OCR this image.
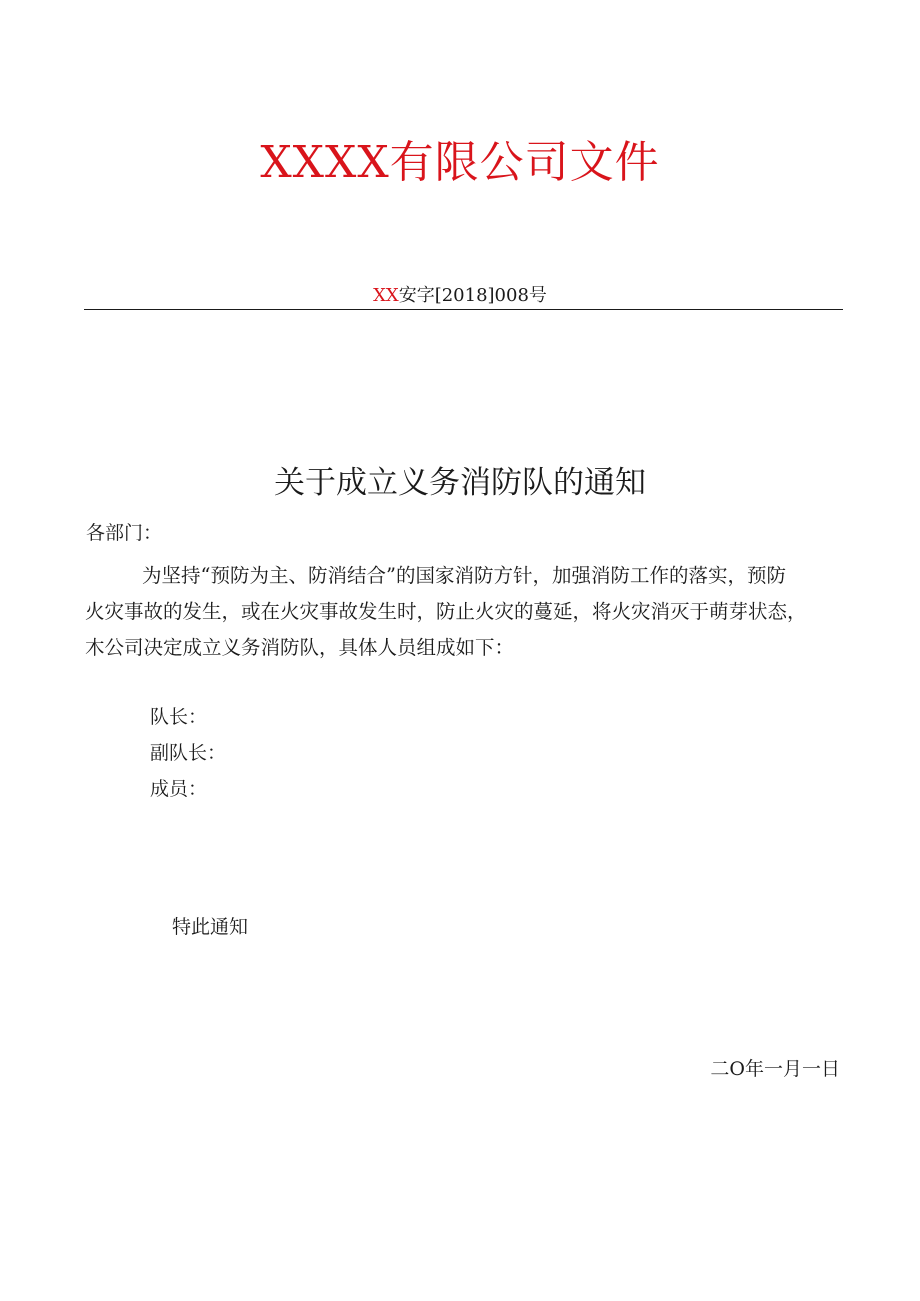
XXXX有限公司文件
XX安字[2018]008号
关于成立义务消防队的通知
各部门：
为坚持“预防为主、防消结合”的国家消防方针，加强消防工作的落实，预防
火灾事故的发生，或在火灾事故发生时，防止火灾的蔓延，将火灾消灭于萌芽状态，
木公司决定成立义务消防队，具体人员组成如下：
队长：
副队长：
成员：
特此通知
二O年一月一日
